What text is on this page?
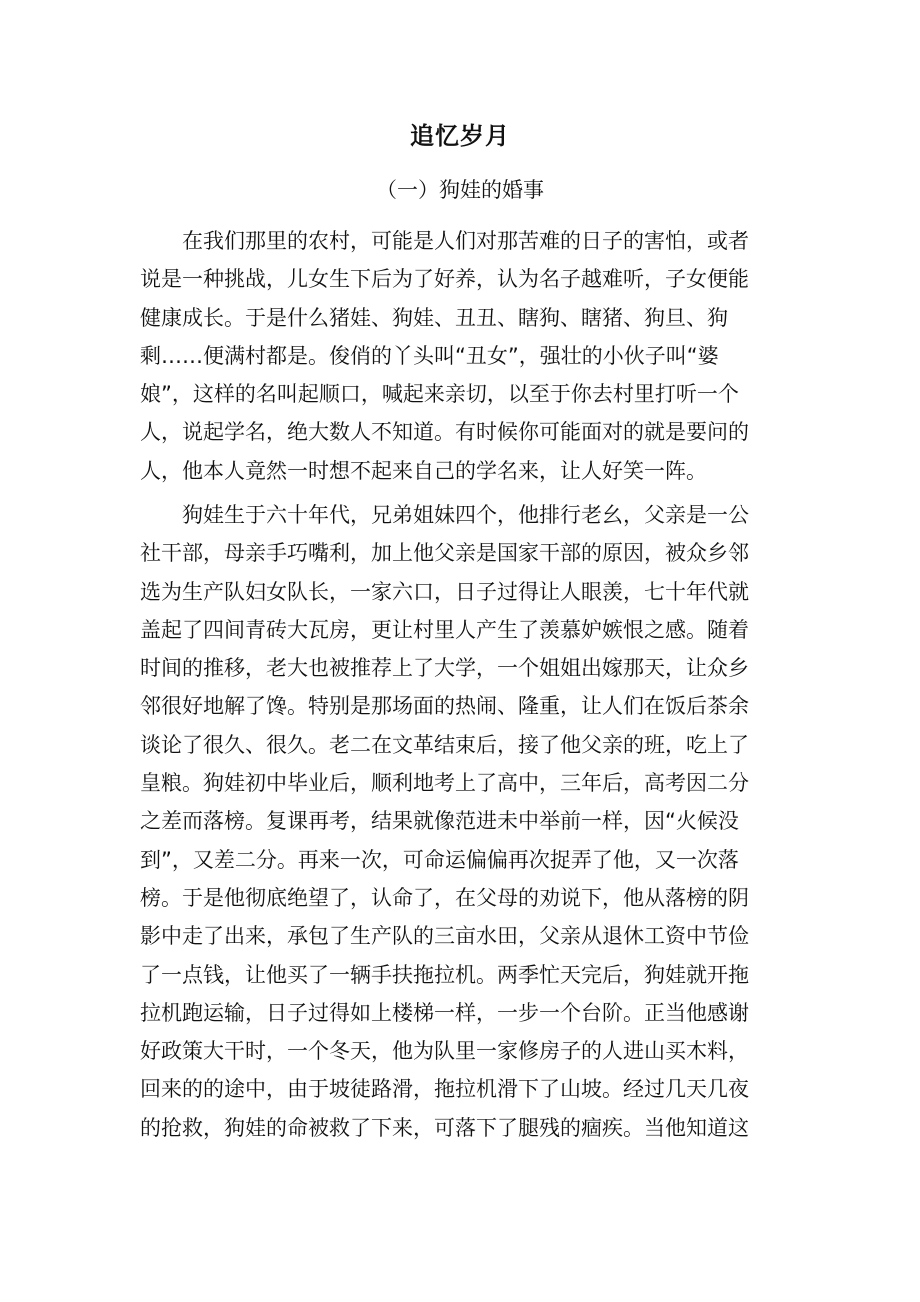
追忆岁月
（一）狗娃的婚事
　　在我们那里的农村，可能是人们对那苦难的日子的害怕，或者
说是一种挑战，儿女生下后为了好养，认为名子越难听，子女便能
健康成长。于是什么猪娃、狗娃、丑丑、瞎狗、瞎猪、狗旦、狗
剩……便满村都是。俊俏的丫头叫“丑女”，强壮的小伙子叫“婆
娘”，这样的名叫起顺口，喊起来亲切，以至于你去村里打听一个
人，说起学名，绝大数人不知道。有时候你可能面对的就是要问的
人，他本人竟然一时想不起来自己的学名来，让人好笑一阵。
　　狗娃生于六十年代，兄弟姐妹四个，他排行老幺，父亲是一公
社干部，母亲手巧嘴利，加上他父亲是国家干部的原因，被众乡邻
选为生产队妇女队长，一家六口，日子过得让人眼羡，七十年代就
盖起了四间青砖大瓦房，更让村里人产生了羡慕妒嫉恨之感。随着
时间的推移，老大也被推荐上了大学，一个姐姐出嫁那天，让众乡
邻很好地解了馋。特别是那场面的热闹、隆重，让人们在饭后茶余
谈论了很久、很久。老二在文革结束后，接了他父亲的班，吃上了
皇粮。狗娃初中毕业后，顺利地考上了高中，三年后，高考因二分
之差而落榜。复课再考，结果就像范进未中举前一样，因“火候没
到”，又差二分。再来一次，可命运偏偏再次捉弄了他，又一次落
榜。于是他彻底绝望了，认命了，在父母的劝说下，他从落榜的阴
影中走了出来，承包了生产队的三亩水田，父亲从退休工资中节俭
了一点钱，让他买了一辆手扶拖拉机。两季忙天完后，狗娃就开拖
拉机跑运输，日子过得如上楼梯一样，一步一个台阶。正当他感谢
好政策大干时，一个冬天，他为队里一家修房子的人进山买木料，
回来的的途中，由于坡徒路滑，拖拉机滑下了山坡。经过几天几夜
的抢救，狗娃的命被救了下来，可落下了腿残的痼疾。当他知道这
